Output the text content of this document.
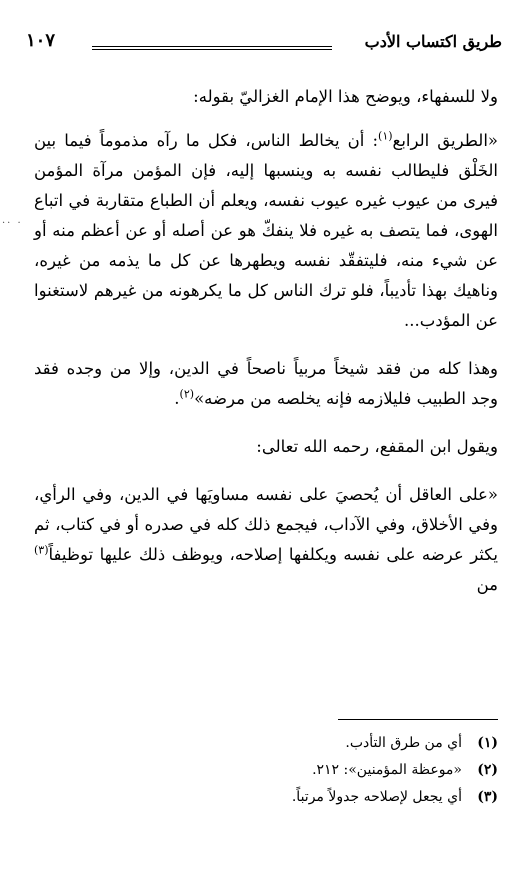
طريق اكتساب الأدب
١٠٧
·· ·

ولا للسفهاء، ويوضح هذا الإمام الغزاليّ بقوله:

«الطريق الرابع$^{(١)}$: أن يخالط الناس، فكل ما رآه مذموماً فيما بين الخَلْق فليطالب نفسه به وينسبها إليه، فإن المؤمن مرآة المؤمن فيرى من عيوب غيره عيوب نفسه، ويعلم أن الطباع متقاربة في اتباع الهوى، فما يتصف به غيره فلا ينفكّ هو عن أصله أو عن أعظم منه أو عن شيء منه، فليتفقّد نفسه ويطهرها عن كل ما يذمه من غيره، وناهيك بهذا تأديباً، فلو ترك الناس كل ما يكرهونه من غيرهم لاستغنوا عن المؤدب...

وهذا كله من فقد شيخاً مربياً ناصحاً في الدين، وإلا من وجده فقد وجد الطبيب فليلازمه فإنه يخلصه من مرضه»$^{(٢)}$.

ويقول ابن المقفع، رحمه الله تعالى:

«على العاقل أن يُحصيَ على نفسه مساويَها في الدين، وفي الرأي، وفي الأخلاق، وفي الآداب، فيجمع ذلك كله في صدره أو في كتاب، ثم يكثر عرضه على نفسه ويكلفها إصلاحه، ويوظف ذلك عليها توظيفاً$^{(٣)}$ من

(١)
أي من طرق التأدب.
(٢)
«موعظة المؤمنين»: ٢١٢.
(٣)
أي يجعل لإصلاحه جدولاً مرتباً.
